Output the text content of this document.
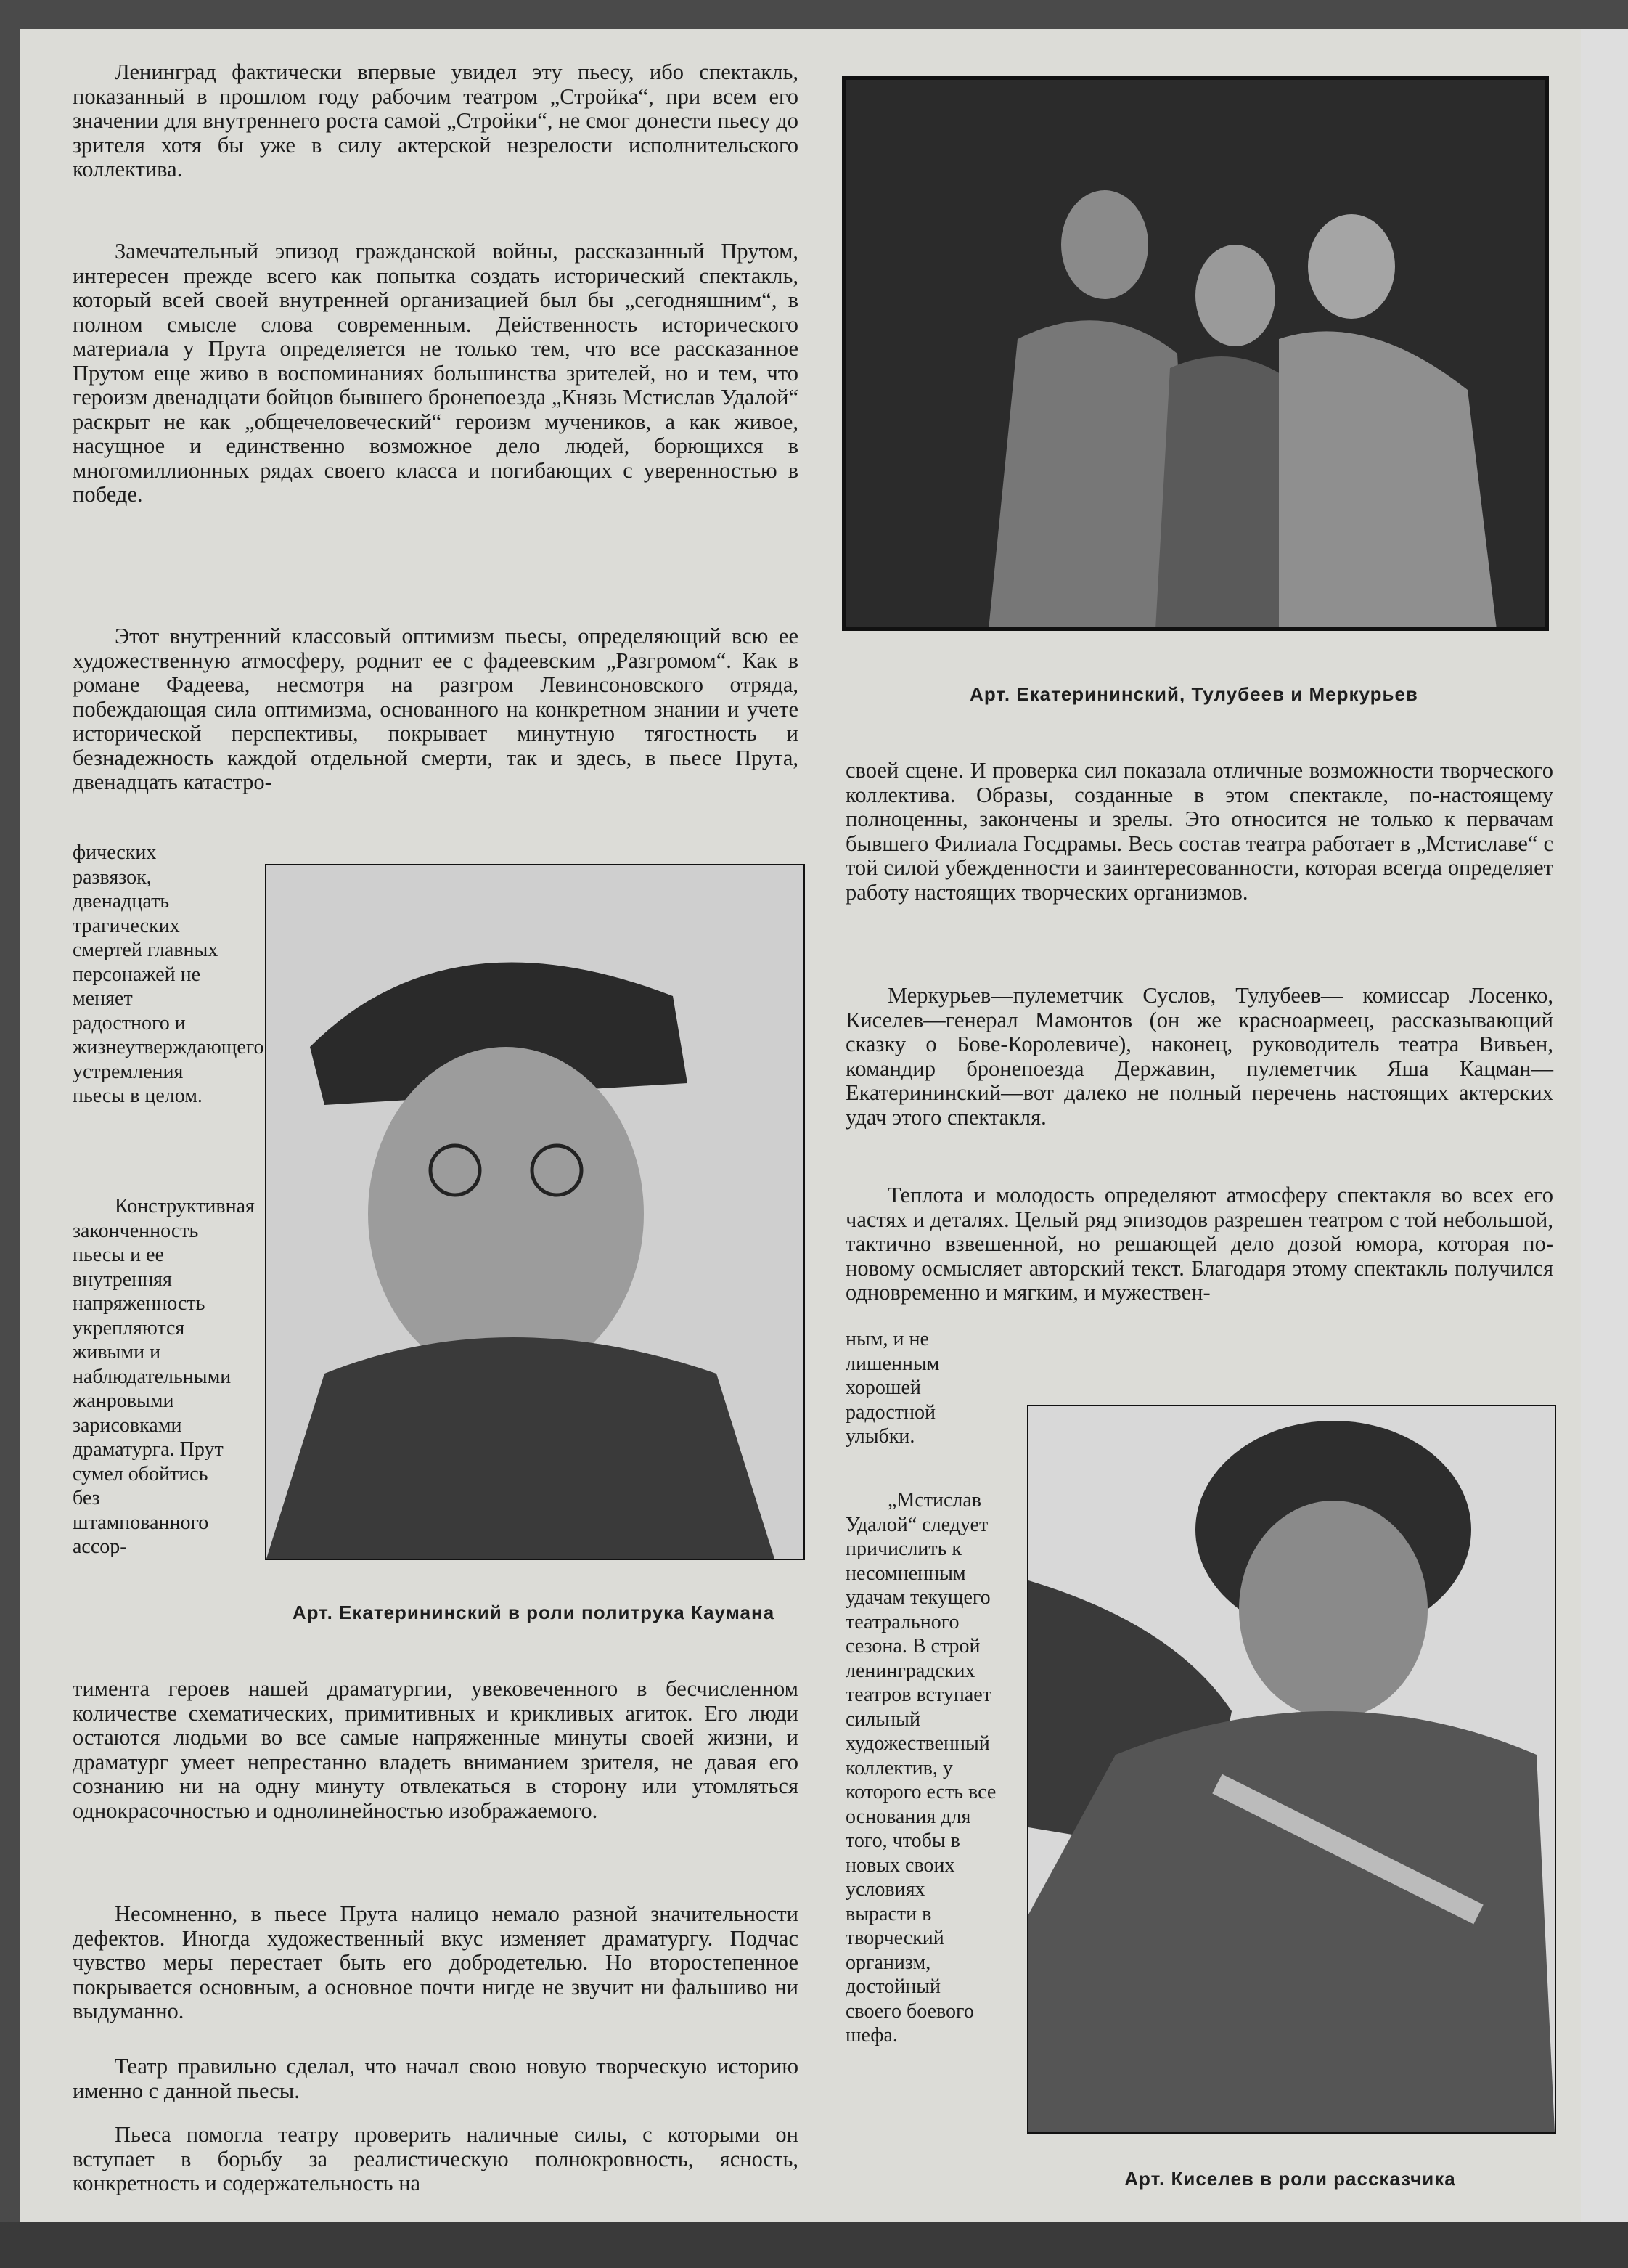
Ленинград фактически впервые увидел эту пьесу, ибо спектакль, показанный в прошлом году рабочим театром „Стройка“, при всем его значении для внутреннего роста самой „Стройки“, не смог донести пьесу до зрителя хотя бы уже в силу актерской незрелости исполнительского коллектива.

Замечательный эпизод гражданской войны, рассказанный Прутом, интересен прежде всего как попытка создать исторический спектакль, который всей своей внутренней организацией был бы „сегодняшним“, в полном смысле слова современным. Действенность исторического материала у Прута определяется не только тем, что все рассказанное Прутом еще живо в воспоминаниях большинства зрителей, но и тем, что героизм двенадцати бойцов бывшего бронепоезда „Князь Мстислав Удалой“ раскрыт не как „общечеловеческий“ героизм мучеников, а как живое, насущное и единственно возможное дело людей, борющихся в многомиллионных рядах своего класса и погибающих с уверенностью в победе.

Этот внутренний классовый оптимизм пьесы, определяющий всю ее художественную атмосферу, роднит ее с фадеевским „Разгромом“. Как в романе Фадеева, несмотря на разгром Левинсоновского отряда, побеждающая сила оптимизма, основанного на конкретном знании и учете исторической перспективы, покрывает минутную тягостность и безнадежность каждой отдельной смерти, так и здесь, в пьесе Прута, двенадцать катастро-

фических развязок, двенадцать трагических смертей главных персонажей не меняет радостного и жизнеутверждающего устремления пьесы в целом.

Конструктивная законченность пьесы и ее внутренняя напряженность укрепляются живыми и наблюдательными жанровыми зарисовками драматурга. Прут сумел обойтись без штампованного ассор-

тимента героев нашей драматургии, увековеченного в бесчисленном количестве схематических, примитивных и крикливых агиток. Его люди остаются людьми во все самые напряженные минуты своей жизни, и драматург умеет непрестанно владеть вниманием зрителя, не давая его сознанию ни на одну минуту отвлекаться в сторону или утомляться однокрасочностью и однолинейностью изображаемого.

Несомненно, в пьесе Прута налицо немало разной значительности дефектов. Иногда художественный вкус изменяет драматургу. Подчас чувство меры перестает быть его добродетелью. Но второстепенное покрывается основным, а основное почти нигде не звучит ни фальшиво ни выдуманно.

Театр правильно сделал, что начал свою новую творческую историю именно с данной пьесы.

Пьеса помогла театру проверить наличные силы, с которыми он вступает в борьбу за реалистическую полнокровность, ясность, конкретность и содержательность на

Арт. Екатерининский, Тулубеев и Меркурьев
Арт. Екатерининский в роли политрука Каумана

своей сцене. И проверка сил показала отличные возможности творческого коллектива. Образы, созданные в этом спектакле, по-настоящему полноценны, закончены и зрелы. Это относится не только к первачам бывшего Филиала Госдрамы. Весь состав театра работает в „Мстиславе“ с той силой убежденности и заинтересованности, которая всегда определяет работу настоящих творческих организмов.

Меркурьев—пулеметчик Суслов, Тулубеев— комиссар Лосенко, Киселев—генерал Мамонтов (он же красноармеец, рассказывающий сказку о Бове-Королевиче), наконец, руководитель театра Вивьен, командир бронепоезда Державин, пулеметчик Яша Кацман—Екатерининский—вот далеко не полный перечень настоящих актерских удач этого спектакля.

Теплота и молодость определяют атмосферу спектакля во всех его частях и деталях. Целый ряд эпизодов разрешен театром с той небольшой, тактично взвешенной, но решающей дело дозой юмора, которая по-новому осмысляет авторский текст. Благодаря этому спектакль получился одновременно и мягким, и мужествен-

ным, и не лишенным хорошей радостной улыбки.

„Мстислав Удалой“ следует причислить к несомненным удачам текущего театрального сезона. В строй ленинградских театров вступает сильный художественный коллектив, у которого есть все основания для того, чтобы в новых своих условиях вырасти в творческий организм, достойный своего боевого шефа.

Арт. Киселев в роли рассказчика
